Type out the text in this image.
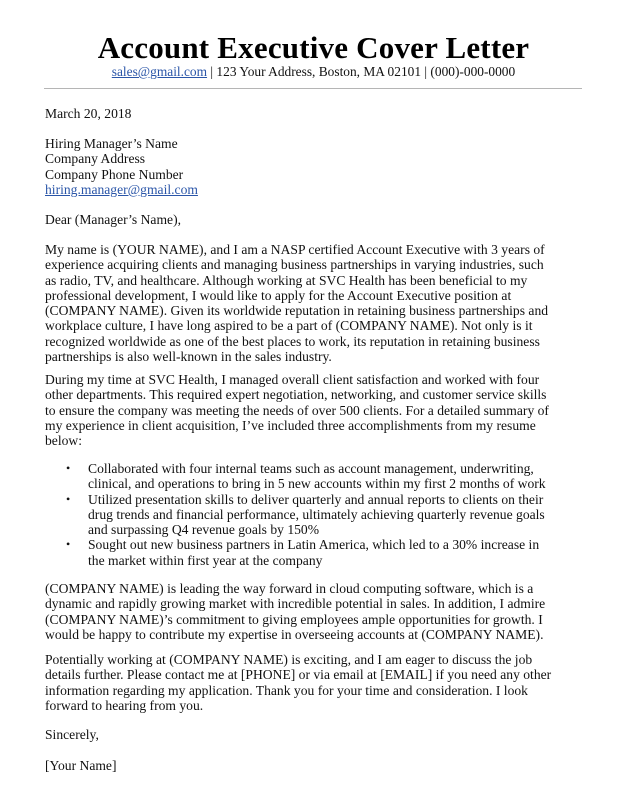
Account Executive Cover Letter
sales@gmail.com | 123 Your Address, Boston, MA 02101 | (000)-000-0000
March 20, 2018

Hiring Manager’s Name

Company Address

Company Phone Number

hiring.manager@gmail.com

Dear (Manager’s Name),

My name is (YOUR NAME), and I am a NASP certified Account Executive with 3 years of

experience acquiring clients and managing business partnerships in varying industries, such

as radio, TV, and healthcare. Although working at SVC Health has been beneficial to my

professional development, I would like to apply for the Account Executive position at

(COMPANY NAME). Given its worldwide reputation in retaining business partnerships and

workplace culture, I have long aspired to be a part of (COMPANY NAME). Not only is it

recognized worldwide as one of the best places to work, its reputation in retaining business

partnerships is also well-known in the sales industry.

During my time at SVC Health, I managed overall client satisfaction and worked with four

other departments. This required expert negotiation, networking, and customer service skills

to ensure the company was meeting the needs of over 500 clients. For a detailed summary of

my experience in client acquisition, I’ve included three accomplishments from my resume

below:

• Collaborated with four internal teams such as account management, underwriting,

clinical, and operations to bring in 5 new accounts within my first 2 months of work

• Utilized presentation skills to deliver quarterly and annual reports to clients on their

drug trends and financial performance, ultimately achieving quarterly revenue goals

and surpassing Q4 revenue goals by 150%

• Sought out new business partners in Latin America, which led to a 30% increase in

the market within first year at the company

(COMPANY NAME) is leading the way forward in cloud computing software, which is a

dynamic and rapidly growing market with incredible potential in sales. In addition, I admire

(COMPANY NAME)’s commitment to giving employees ample opportunities for growth. I

would be happy to contribute my expertise in overseeing accounts at (COMPANY NAME).

Potentially working at (COMPANY NAME) is exciting, and I am eager to discuss the job

details further. Please contact me at [PHONE] or via email at [EMAIL] if you need any other

information regarding my application. Thank you for your time and consideration. I look

forward to hearing from you.

Sincerely,
[Your Name]
